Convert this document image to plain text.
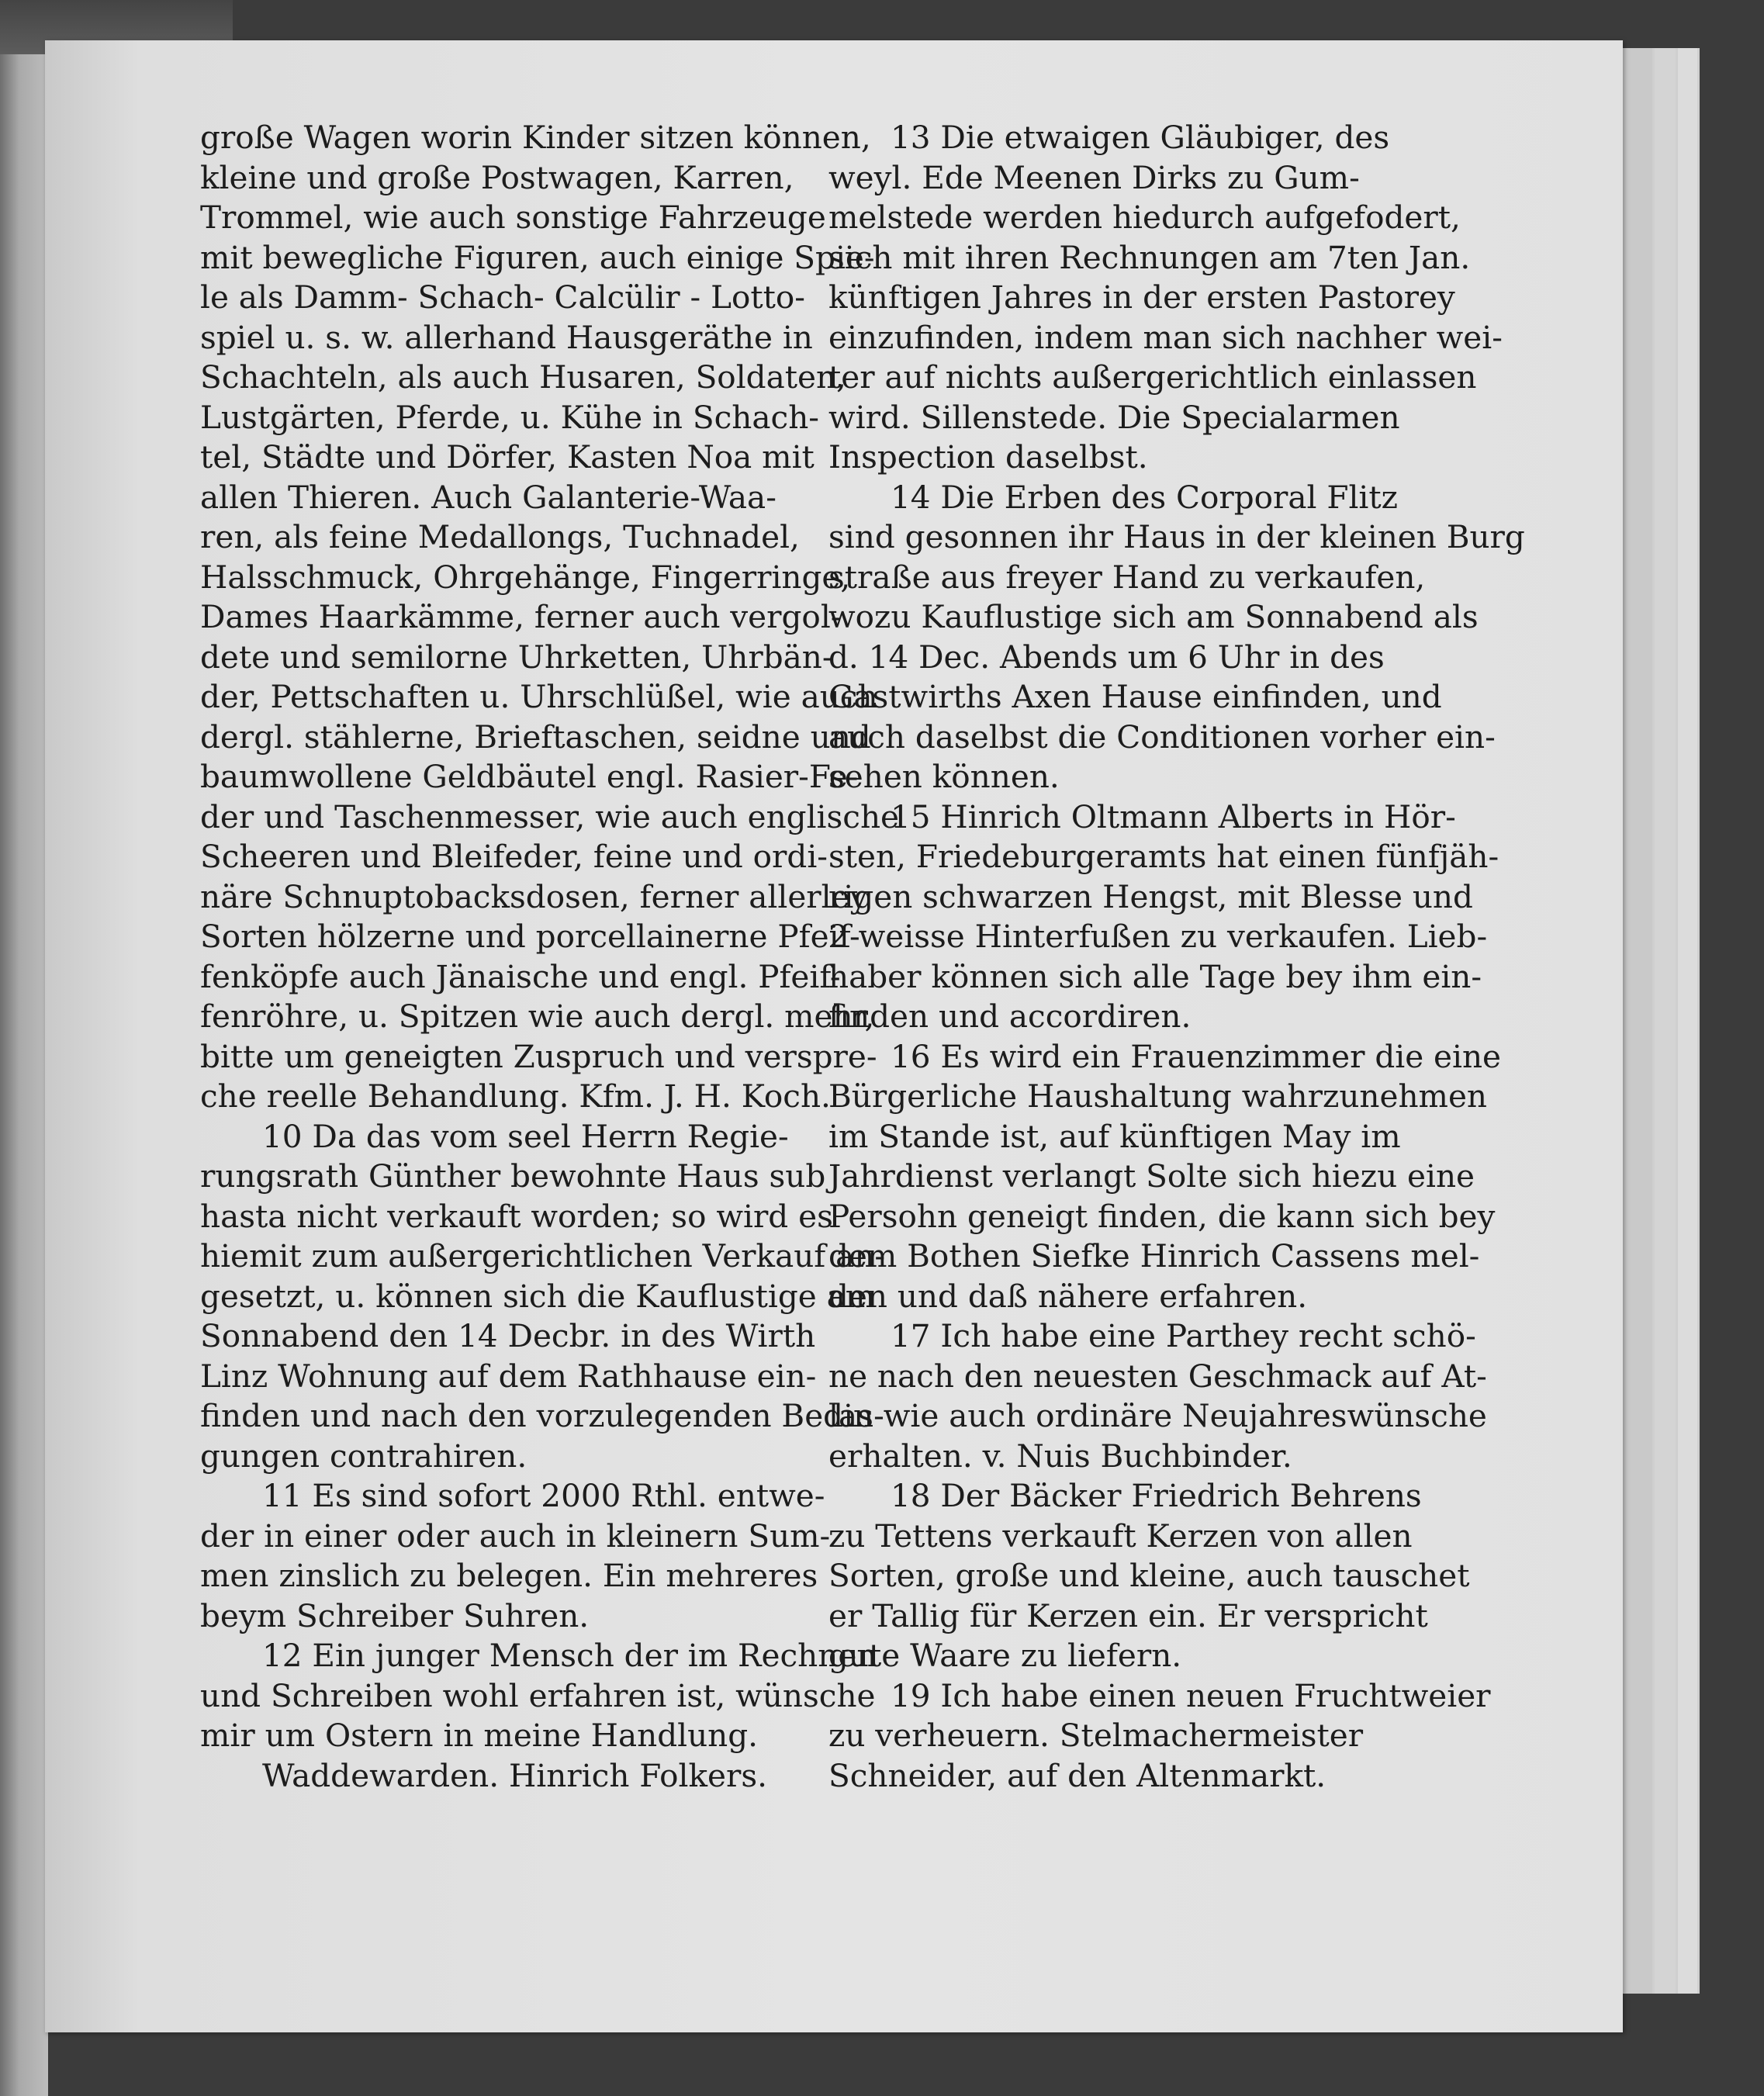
große Wagen worin Kinder sitzen können,
kleine und große Postwagen, Karren,
Trommel, wie auch sonstige Fahrzeuge
mit bewegliche Figuren, auch einige Spie-
le als Damm- Schach- Calcülir - Lotto-
spiel u. s. w. allerhand Hausgeräthe in
Schachteln, als auch Husaren, Soldaten,
Lustgärten, Pferde, u. Kühe in Schach-
tel, Städte und Dörfer, Kasten Noa mit
allen Thieren. Auch Galanterie-Waa-
ren, als feine Medallongs, Tuchnadel,
Halsschmuck, Ohrgehänge, Fingerringe,
Dames Haarkämme, ferner auch vergol-
dete und semilorne Uhrketten, Uhrbän-
der, Pettschaften u. Uhrschlüßel, wie auch
dergl. stählerne, Brieftaschen, seidne und
baumwollene Geldbäutel engl. Rasier-Fe-
der und Taschenmesser, wie auch englische
Scheeren und Bleifeder, feine und ordi-
näre Schnuptobacksdosen, ferner allerley
Sorten hölzerne und porcellainerne Pfeif-
fenköpfe auch Jänaische und engl. Pfeif-
fenröhre, u. Spitzen wie auch dergl. mehr,
bitte um geneigten Zuspruch und verspre-
che reelle Behandlung. Kfm. J. H. Koch.
10 Da das vom seel Herrn Regie-
rungsrath Günther bewohnte Haus sub
hasta nicht verkauft worden; so wird es
hiemit zum außergerichtlichen Verkauf an-
gesetzt, u. können sich die Kauflustige am
Sonnabend den 14 Decbr. in des Wirth
Linz Wohnung auf dem Rathhause ein-
finden und nach den vorzulegenden Bedin-
gungen contrahiren.
11 Es sind sofort 2000 Rthl. entwe-
der in einer oder auch in kleinern Sum-
men zinslich zu belegen. Ein mehreres
beym Schreiber Suhren.
12 Ein junger Mensch der im Rechnen
und Schreiben wohl erfahren ist, wünsche
mir um Ostern in meine Handlung.
Waddewarden. Hinrich Folkers.
13 Die etwaigen Gläubiger, des
weyl. Ede Meenen Dirks zu Gum-
melstede werden hiedurch aufgefodert,
sich mit ihren Rechnungen am 7ten Jan.
künftigen Jahres in der ersten Pastorey
einzufinden, indem man sich nachher wei-
ter auf nichts außergerichtlich einlassen
wird. Sillenstede. Die Specialarmen
Inspection daselbst.
14 Die Erben des Corporal Flitz
sind gesonnen ihr Haus in der kleinen Burg
straße aus freyer Hand zu verkaufen,
wozu Kauflustige sich am Sonnabend als
d. 14 Dec. Abends um 6 Uhr in des
Gastwirths Axen Hause einfinden, und
auch daselbst die Conditionen vorher ein-
sehen können.
15 Hinrich Oltmann Alberts in Hör-
sten, Friedeburgeramts hat einen fünfjäh-
rigen schwarzen Hengst, mit Blesse und
2 weisse Hinterfußen zu verkaufen. Lieb-
haber können sich alle Tage bey ihm ein-
finden und accordiren.
16 Es wird ein Frauenzimmer die eine
Bürgerliche Haushaltung wahrzunehmen
im Stande ist, auf künftigen May im
Jahrdienst verlangt Solte sich hiezu eine
Persohn geneigt finden, die kann sich bey
dem Bothen Siefke Hinrich Cassens mel-
den und daß nähere erfahren.
17 Ich habe eine Parthey recht schö-
ne nach den neuesten Geschmack auf At-
las wie auch ordinäre Neujahreswünsche
erhalten. v. Nuis Buchbinder.
18 Der Bäcker Friedrich Behrens
zu Tettens verkauft Kerzen von allen
Sorten, große und kleine, auch tauschet
er Tallig für Kerzen ein. Er verspricht
gute Waare zu liefern.
19 Ich habe einen neuen Fruchtweier
zu verheuern. Stelmachermeister
Schneider, auf den Altenmarkt.
